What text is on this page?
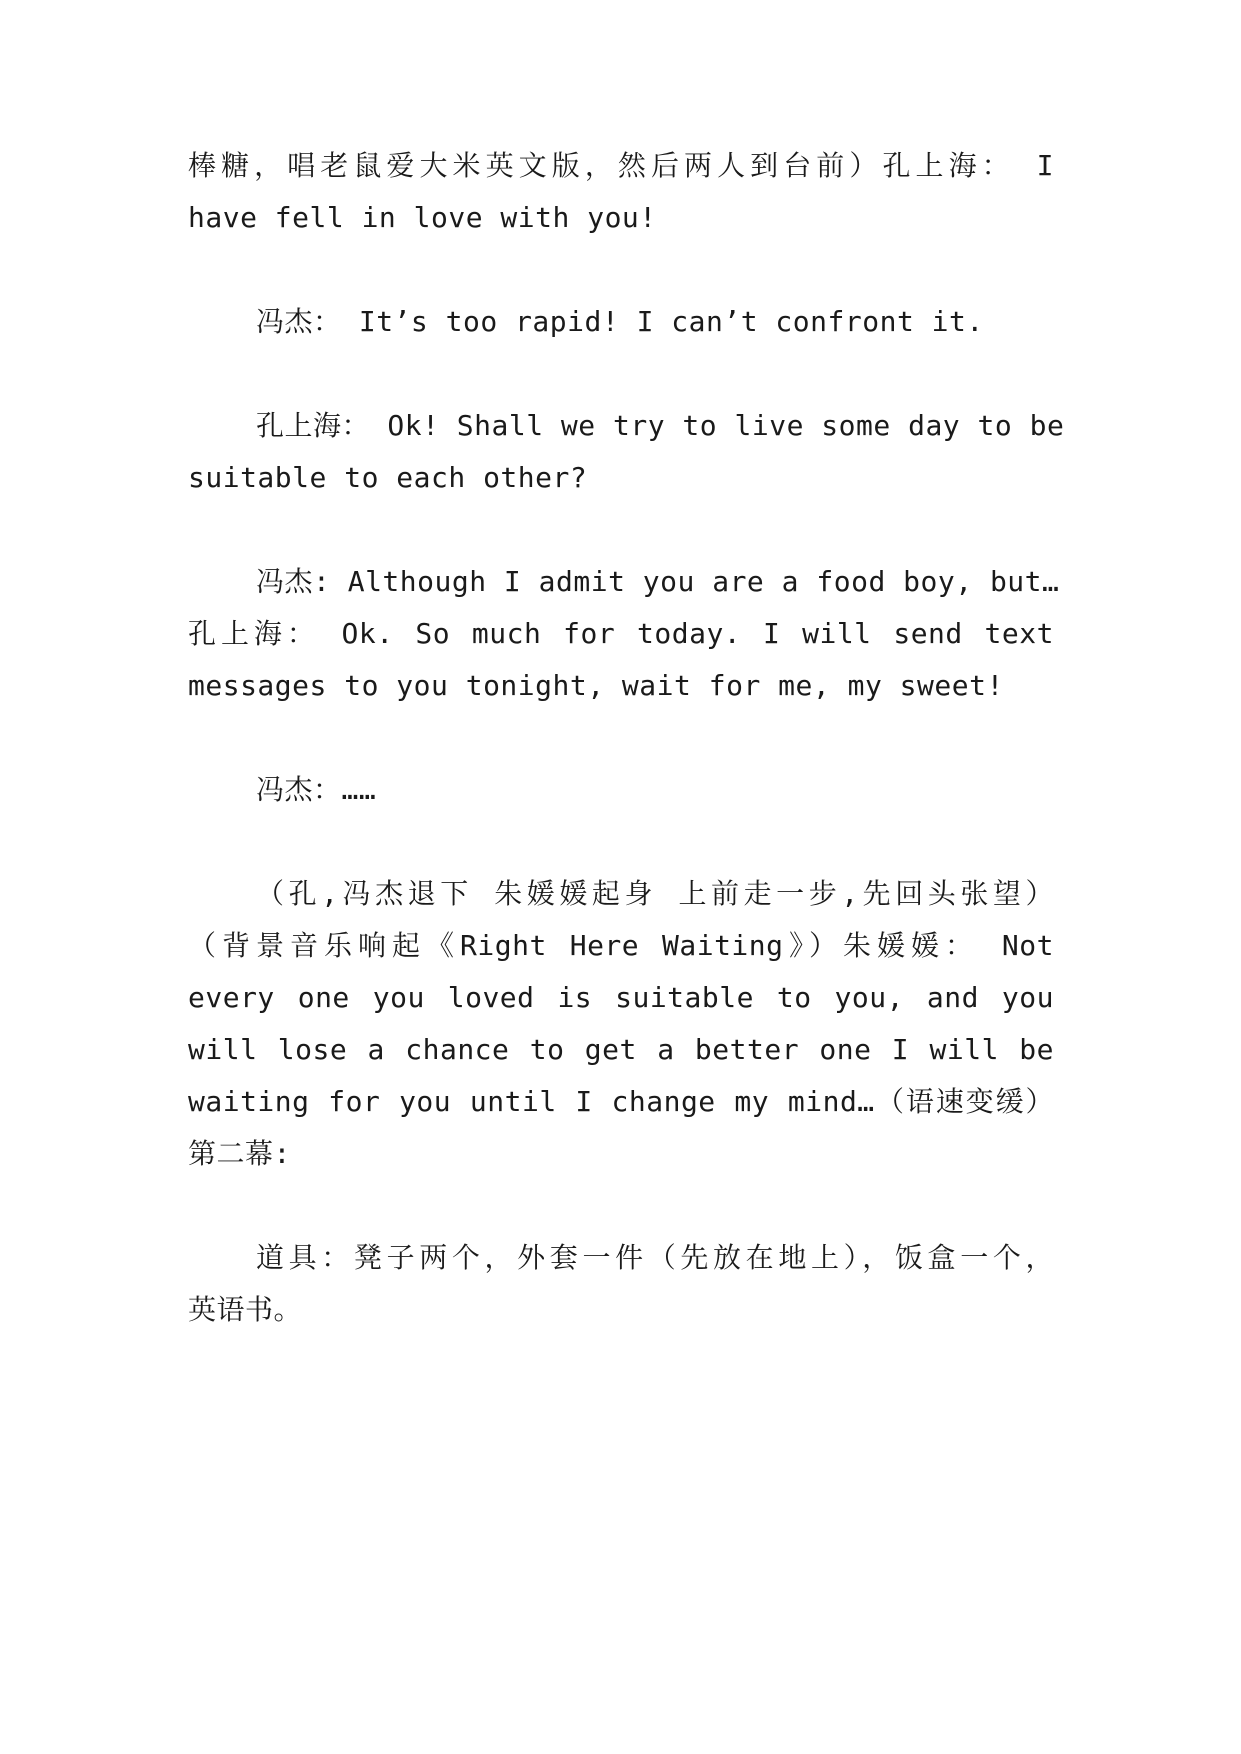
棒糖，唱老鼠爱大米英文版，然后两人到台前）孔上海： I
have fell in love with you!
冯杰： It’s too rapid! I can’t confront it.
孔上海： Ok! Shall we try to live some day to be
suitable to each other?
冯杰: Although I admit you are a food boy, but…
孔上海： Ok. So much for today. I will send text
messages to you tonight, wait for me, my sweet!
冯杰：……
（孔,冯杰退下 朱媛媛起身 上前走一步,先回头张望）
（背景音乐响起《Right Here Waiting》）朱媛媛： Not
every one you loved is suitable to you, and you
will lose a chance to get a better one I will be
waiting for you until I change my mind…（语速变缓）
第二幕:
道具：凳子两个，外套一件（先放在地上），饭盒一个，
英语书。
